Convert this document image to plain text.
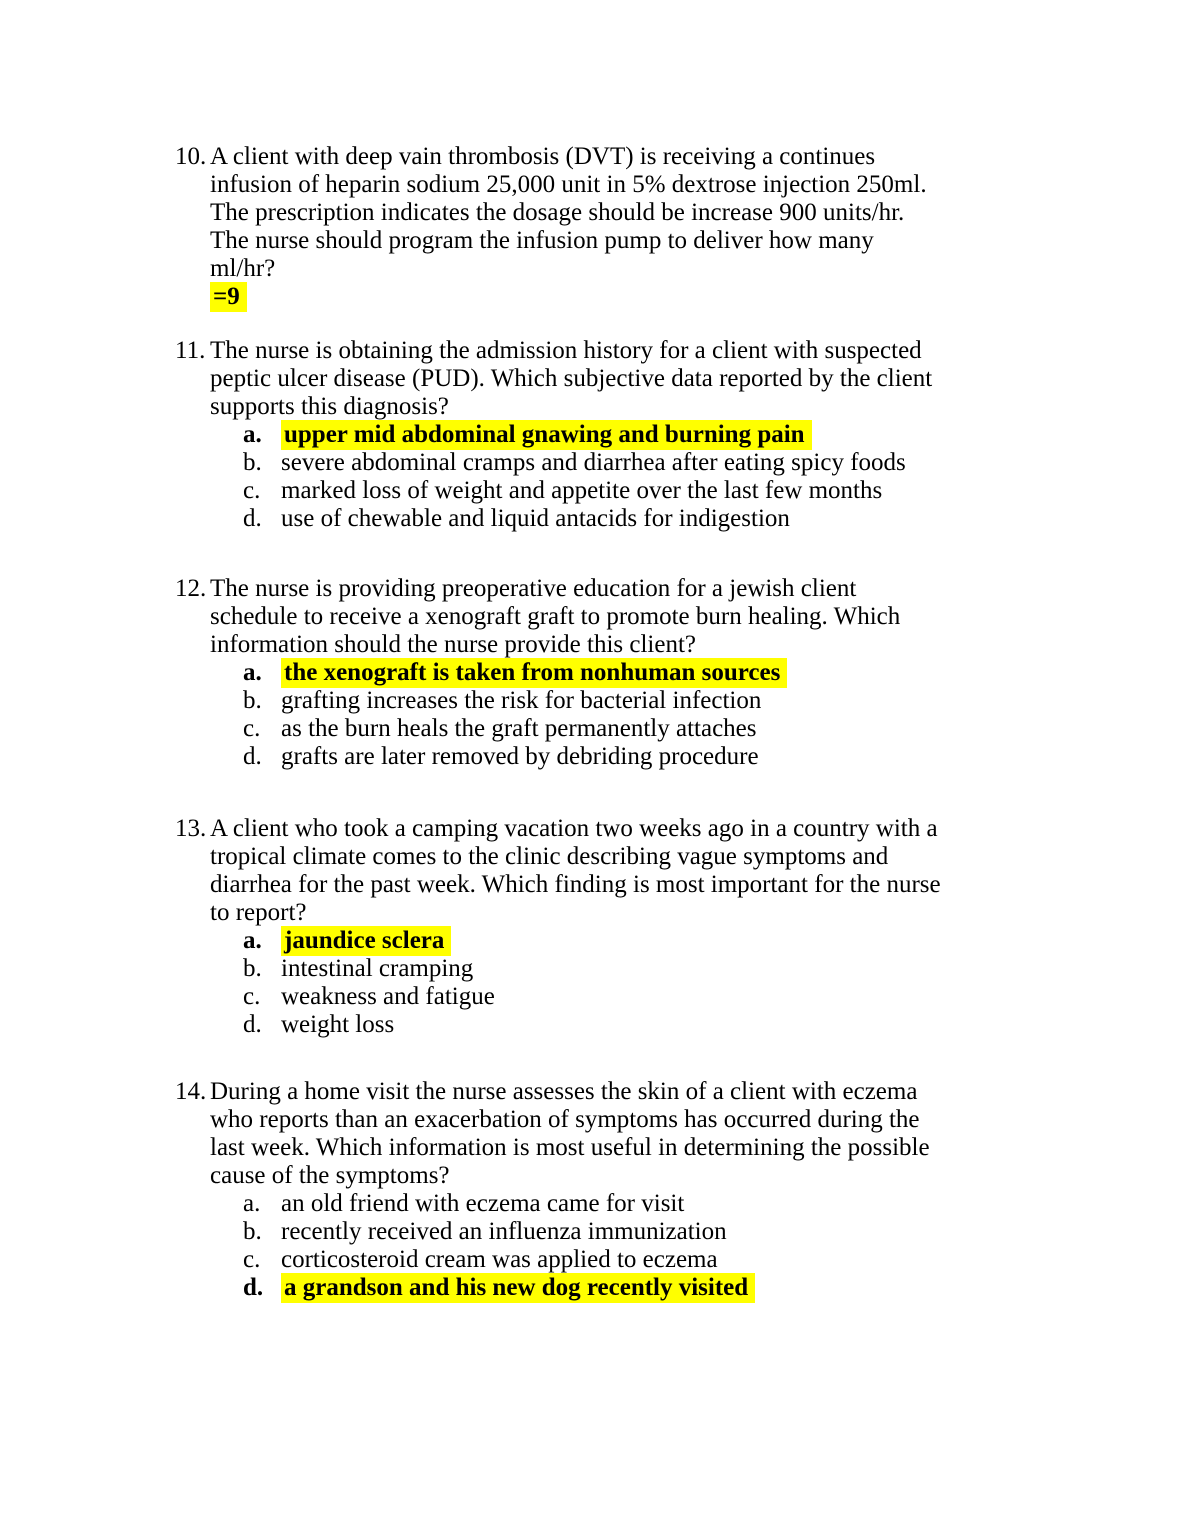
10. A client with deep vain thrombosis (DVT) is receiving a continues
infusion of heparin sodium 25,000 unit in 5% dextrose injection 250ml.
The prescription indicates the dosage should be increase 900 units/hr.
The nurse should program the infusion pump to deliver how many
ml/hr?
=9
11. The nurse is obtaining the admission history for a client with suspected
peptic ulcer disease (PUD). Which subjective data reported by the client
supports this diagnosis?
a. upper mid abdominal gnawing and burning pain
b. severe abdominal cramps and diarrhea after eating spicy foods
c. marked loss of weight and appetite over the last few months
d. use of chewable and liquid antacids for indigestion
12. The nurse is providing preoperative education for a jewish client
schedule to receive a xenograft graft to promote burn healing. Which
information should the nurse provide this client?
a. the xenograft is taken from nonhuman sources
b. grafting increases the risk for bacterial infection
c. as the burn heals the graft permanently attaches
d. grafts are later removed by debriding procedure
13. A client who took a camping vacation two weeks ago in a country with a
tropical climate comes to the clinic describing vague symptoms and
diarrhea for the past week. Which finding is most important for the nurse
to report?
a. jaundice sclera
b. intestinal cramping
c. weakness and fatigue
d. weight loss
14. During a home visit the nurse assesses the skin of a client with eczema
who reports than an exacerbation of symptoms has occurred during the
last week. Which information is most useful in determining the possible
cause of the symptoms?
a. an old friend with eczema came for visit
b. recently received an influenza immunization
c. corticosteroid cream was applied to eczema
d. a grandson and his new dog recently visited
